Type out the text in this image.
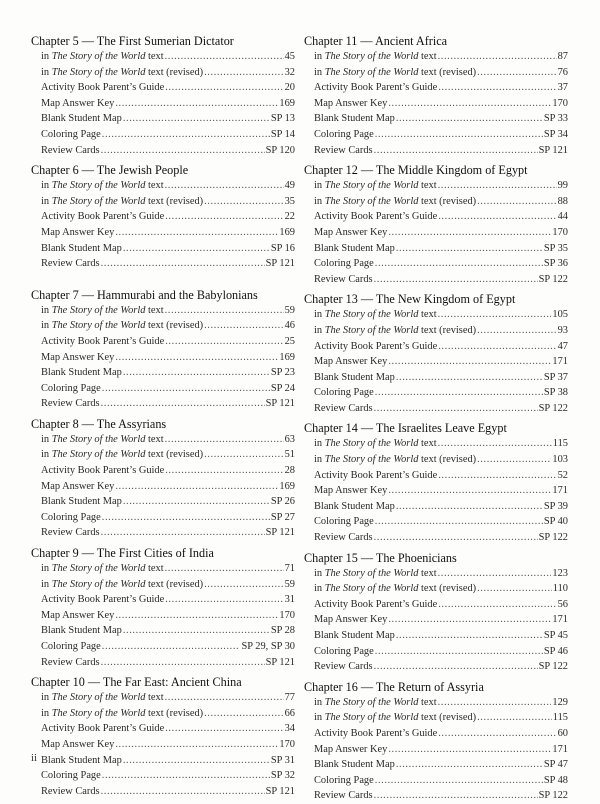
Chapter 5 — The First Sumerian Dictator
in The Story of the World text .....	45
in The Story of the World text (revised) .....	32
Activity Book Parent’s Guide .....	20
Map Answer Key .....	169
Blank Student Map .....	SP 13
Coloring Page .....	SP 14
Review Cards .....	SP 120
Chapter 6 — The Jewish People
in The Story of the World text .....	49
in The Story of the World text (revised) .....	35
Activity Book Parent’s Guide .....	22
Map Answer Key .....	169
Blank Student Map .....	SP 16
Review Cards .....	SP 121
Chapter 7 — Hammurabi and the Babylonians
in The Story of the World text .....	59
in The Story of the World text (revised) .....	46
Activity Book Parent’s Guide .....	25
Map Answer Key .....	169
Blank Student Map .....	SP 23
Coloring Page .....	SP 24
Review Cards .....	SP 121
Chapter 8 — The Assyrians
in The Story of the World text .....	63
in The Story of the World text (revised) .....	51
Activity Book Parent’s Guide .....	28
Map Answer Key .....	169
Blank Student Map .....	SP 26
Coloring Page .....	SP 27
Review Cards .....	SP 121
Chapter 9 — The First Cities of India
in The Story of the World text .....	71
in The Story of the World text (revised) .....	59
Activity Book Parent’s Guide .....	31
Map Answer Key .....	170
Blank Student Map .....	SP 28
Coloring Page .....	SP 29, SP 30
Review Cards .....	SP 121
Chapter 10 — The Far East: Ancient China
in The Story of the World text .....	77
in The Story of the World text (revised) .....	66
Activity Book Parent’s Guide .....	34
Map Answer Key .....	170
Blank Student Map .....	SP 31
Coloring Page .....	SP 32
Review Cards .....	SP 121
Chapter 11 — Ancient Africa
in The Story of the World text .....	87
in The Story of the World text (revised) .....	76
Activity Book Parent’s Guide .....	37
Map Answer Key .....	170
Blank Student Map .....	SP 33
Coloring Page .....	SP 34
Review Cards .....	SP 121
Chapter 12 — The Middle Kingdom of Egypt
in The Story of the World text .....	99
in The Story of the World text (revised) .....	88
Activity Book Parent’s Guide .....	44
Map Answer Key .....	170
Blank Student Map .....	SP 35
Coloring Page .....	SP 36
Review Cards .....	SP 122
Chapter 13 — The New Kingdom of Egypt
in The Story of the World text .....	105
in The Story of the World text (revised) .....	93
Activity Book Parent’s Guide .....	47
Map Answer Key .....	171
Blank Student Map .....	SP 37
Coloring Page .....	SP 38
Review Cards .....	SP 122
Chapter 14 — The Israelites Leave Egypt
in The Story of the World text .....	115
in The Story of the World text (revised) .....	103
Activity Book Parent’s Guide .....	52
Map Answer Key .....	171
Blank Student Map .....	SP 39
Coloring Page .....	SP 40
Review Cards .....	SP 122
Chapter 15 — The Phoenicians
in The Story of the World text .....	123
in The Story of the World text (revised) .....	110
Activity Book Parent’s Guide .....	56
Map Answer Key .....	171
Blank Student Map .....	SP 45
Coloring Page .....	SP 46
Review Cards .....	SP 122
Chapter 16 — The Return of Assyria
in The Story of the World text .....	129
in The Story of the World text (revised) .....	115
Activity Book Parent’s Guide .....	60
Map Answer Key .....	171
Blank Student Map .....	SP 47
Coloring Page .....	SP 48
Review Cards .....	SP 122
ii
